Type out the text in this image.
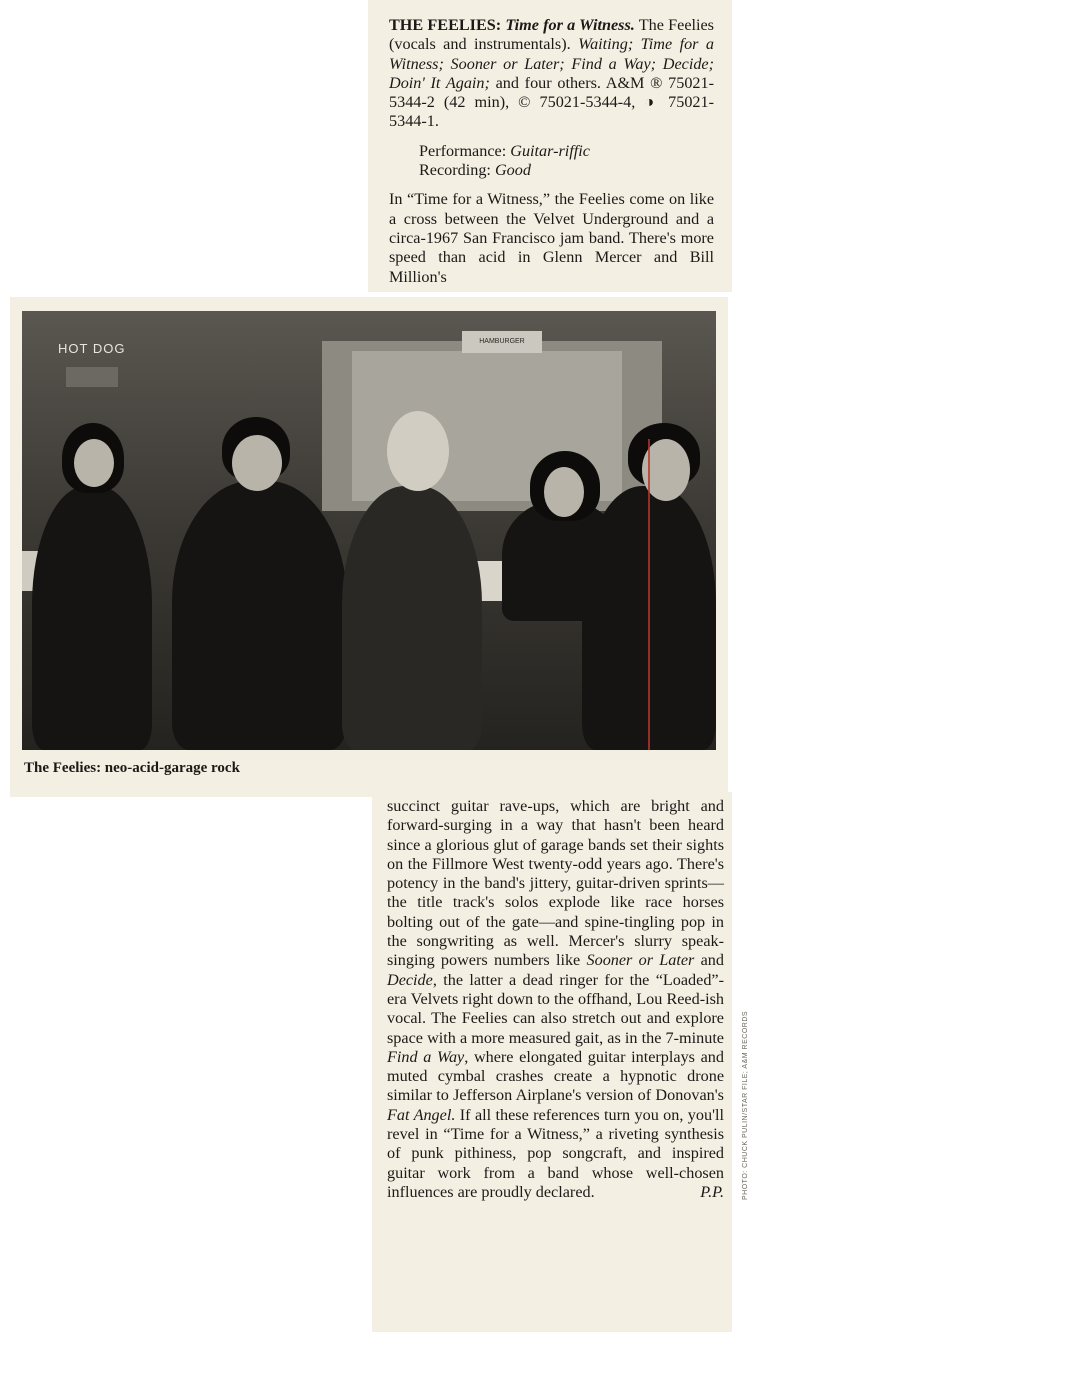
THE FEELIES: Time for a Witness. The Feelies (vocals and instrumentals). Waiting; Time for a Witness; Sooner or Later; Find a Way; Decide; Doin' It Again; and four others. A&M ® 75021-5344-2 (42 min), © 75021-5344-4, ◑ 75021-5344-1.

Performance: Guitar-riffic
Recording: Good

In “Time for a Witness,” the Feelies come on like a cross between the Velvet Underground and a circa-1967 San Francisco jam band. There's more speed than acid in Glenn Mercer and Bill Million's

HOT DOG	HAMBURGER
The Feelies: neo-acid-garage rock

succinct guitar rave-ups, which are bright and forward-surging in a way that hasn't been heard since a glorious glut of garage bands set their sights on the Fillmore West twenty-odd years ago. There's potency in the band's jittery, guitar-driven sprints—the title track's solos explode like race horses bolting out of the gate—and spine-tingling pop in the songwriting as well. Mercer's slurry speak-singing powers numbers like Sooner or Later and Decide, the latter a dead ringer for the “Loaded”-era Velvets right down to the offhand, Lou Reed-ish vocal. The Feelies can also stretch out and explore space with a more measured gait, as in the 7-minute Find a Way, where elongated guitar interplays and muted cymbal crashes create a hypnotic drone similar to Jefferson Airplane's version of Donovan's Fat Angel. If all these references turn you on, you'll revel in “Time for a Witness,” a riveting synthesis of punk pithiness, pop songcraft, and inspired guitar work from a band whose well-chosen influences are proudly declared.	P.P.	PHOTO: CHUCK PULIN/STAR FILE; A&M RECORDS
